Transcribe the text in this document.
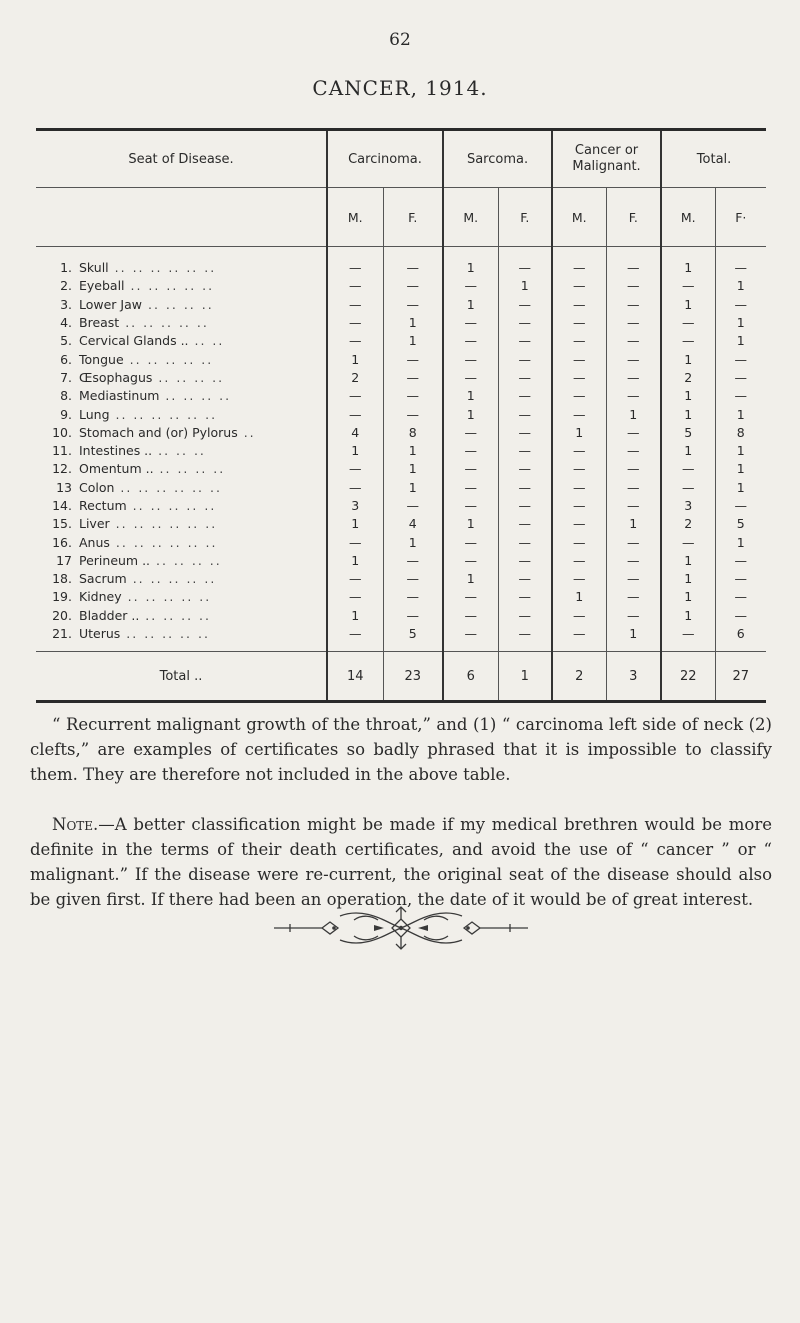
62
CANCER, 1914.
Seat of Disease.	Carcinoma.		Sarcoma.		Cancer or Malignant.		Total.	
	M.	F.	M.	F.	M.	F.	M.	F·
1. Skull .. .. .. .. .. ..	—	—	1	—	—	—	1	—
2. Eyeball .. .. .. .. ..	—	—	—	1	—	—	—	1
3. Lower Jaw .. .. .. ..	—	—	1	—	—	—	1	—
4. Breast .. .. .. .. ..	—	1	—	—	—	—	—	1
5. Cervical Glands .. .. ..	—	1	—	—	—	—	—	1
6. Tongue .. .. .. .. ..	1	—	—	—	—	—	1	—
7. Œsophagus .. .. .. ..	2	—	—	—	—	—	2	—
8. Mediastinum .. .. .. ..	—	—	1	—	—	—	1	—
9. Lung .. .. .. .. .. ..	—	—	1	—	—	1	1	1
10. Stomach and (or) Pylorus ..	4	8	—	—	1	—	5	8
11. Intestines .. .. .. ..	1	1	—	—	—	—	1	1
12. Omentum .. .. .. .. ..	—	1	—	—	—	—	—	1
13 Colon .. .. .. .. .. ..	—	1	—	—	—	—	—	1
14. Rectum .. .. .. .. ..	3	—	—	—	—	—	3	—
15. Liver .. .. .. .. .. ..	1	4	1	—	—	1	2	5
16. Anus .. .. .. .. .. ..	—	1	—	—	—	—	—	1
17 Perineum .. .. .. .. ..	1	—	—	—	—	—	1	—
18. Sacrum .. .. .. .. ..	—	—	1	—	—	—	1	—
19. Kidney .. .. .. .. ..	—	—	—	—	1	—	1	—
20. Bladder .. .. .. .. ..	1	—	—	—	—	—	1	—
21. Uterus .. .. .. .. ..	—	5	—	—	—	1	—	6
Total ..	14	23	6	1	2	3	22	27

“ Recurrent malignant growth of the throat,” and (1) “ carcinoma left side of neck (2) clefts,” are examples of certificates so badly phrased that it is impossible to classify them. They are therefore not included in the above table.

Note.—A better classification might be made if my medical brethren would be more definite in the terms of their death certificates, and avoid the use of “ cancer ” or “ malignant.” If the disease were re-current, the original seat of the disease should also be given first. If there had been an operation, the date of it would be of great interest.
